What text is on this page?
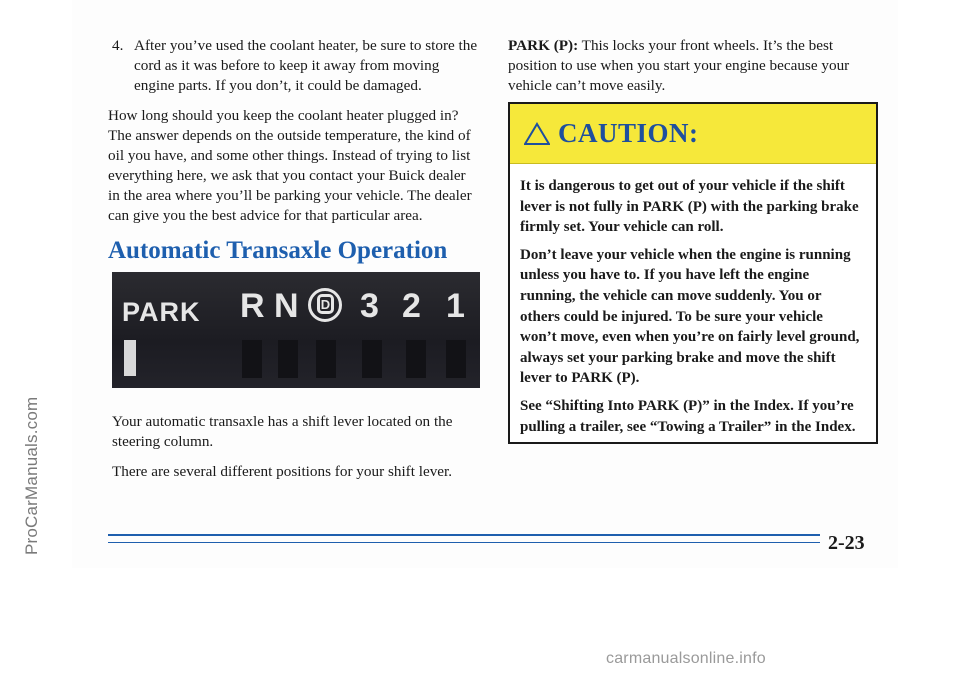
ProCarManuals.com

4. After you’ve used the coolant heater, be sure to store the cord as it was before to keep it away from moving engine parts. If you don’t, it could be damaged.

How long should you keep the coolant heater plugged in? The answer depends on the outside temperature, the kind of oil you have, and some other things. Instead of trying to list everything here, we ask that you contact your Buick dealer in the area where you’ll be parking your vehicle. The dealer can give you the best advice for that particular area.

Automatic Transaxle Operation
PARK R N D 3 2 1

Your automatic transaxle has a shift lever located on the steering column.

There are several different positions for your shift lever.

PARK (P): This locks your front wheels. It’s the best position to use when you start your engine because your vehicle can’t move easily.

CAUTION:

It is dangerous to get out of your vehicle if the shift lever is not fully in PARK (P) with the parking brake firmly set. Your vehicle can roll.

Don’t leave your vehicle when the engine is running unless you have to. If you have left the engine running, the vehicle can move suddenly. You or others could be injured. To be sure your vehicle won’t move, even when you’re on fairly level ground, always set your parking brake and move the shift lever to PARK (P).

See “Shifting Into PARK (P)” in the Index. If you’re pulling a trailer, see “Towing a Trailer” in the Index.

2-23
carmanualsonline.info
